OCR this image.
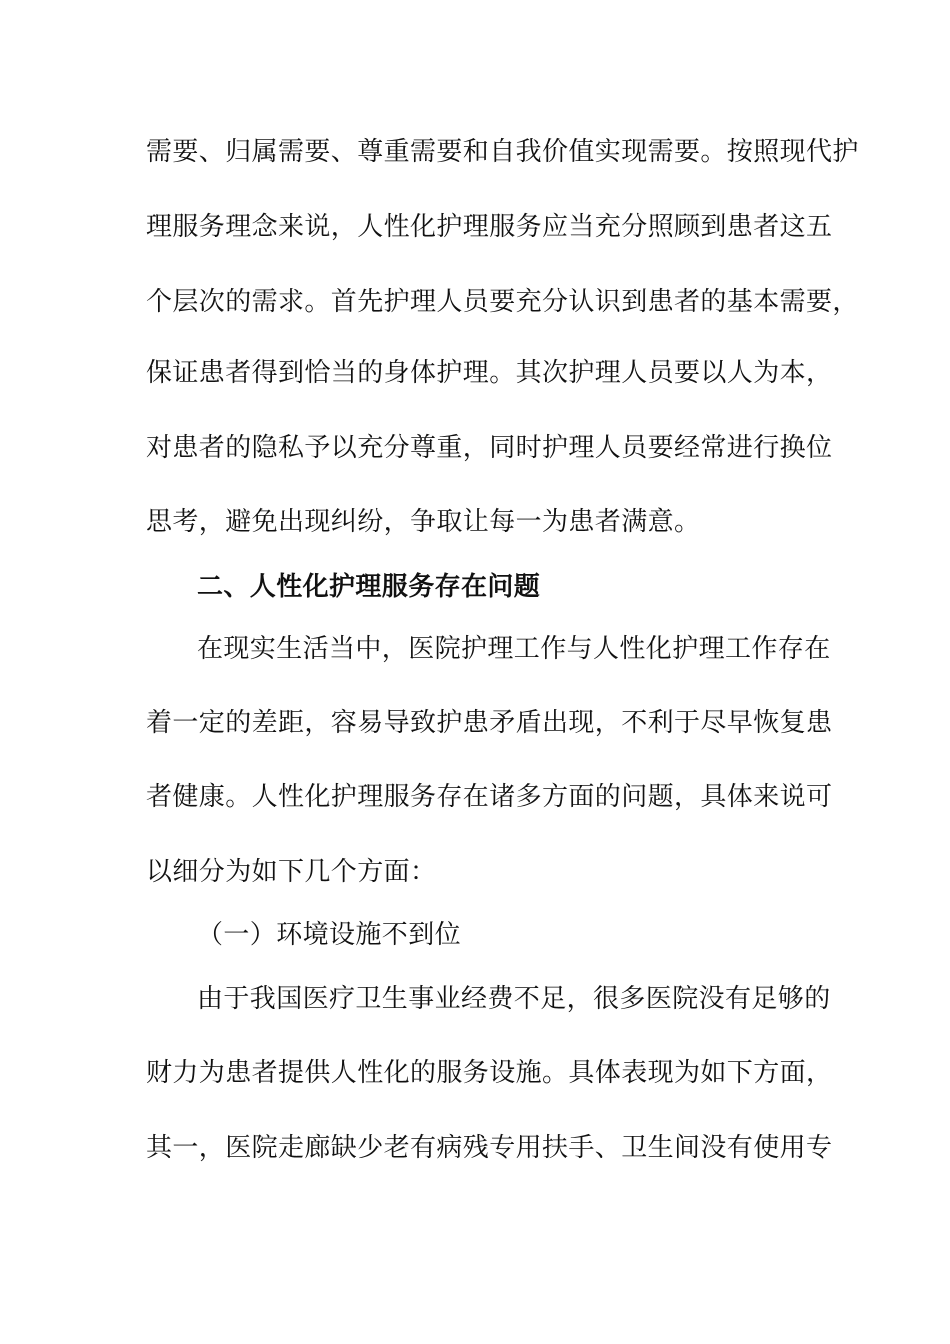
需要、归属需要、尊重需要和自我价值实现需要。按照现代护
理服务理念来说，人性化护理服务应当充分照顾到患者这五
个层次的需求。首先护理人员要充分认识到患者的基本需要，
保证患者得到恰当的身体护理。其次护理人员要以人为本，
对患者的隐私予以充分尊重，同时护理人员要经常进行换位
思考，避免出现纠纷，争取让每一为患者满意。
二、人性化护理服务存在问题
在现实生活当中，医院护理工作与人性化护理工作存在
着一定的差距，容易导致护患矛盾出现，不利于尽早恢复患
者健康。人性化护理服务存在诸多方面的问题，具体来说可
以细分为如下几个方面：
（一）环境设施不到位
由于我国医疗卫生事业经费不足，很多医院没有足够的
财力为患者提供人性化的服务设施。具体表现为如下方面，
其一，医院走廊缺少老有病残专用扶手、卫生间没有使用专
